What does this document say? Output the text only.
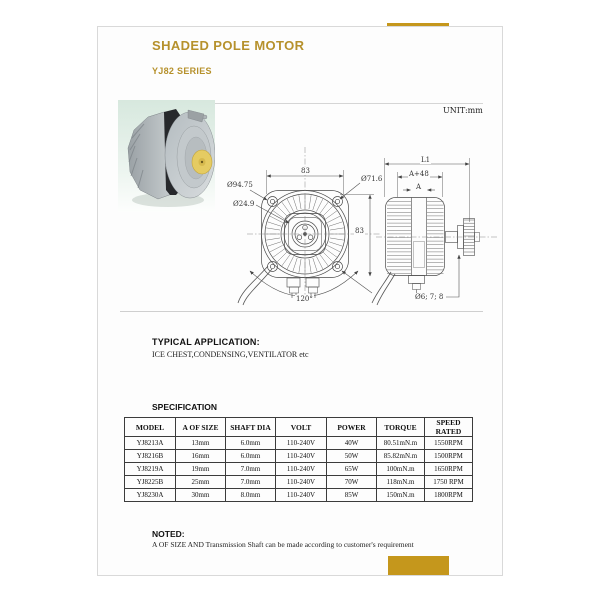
SHADED POLE MOTOR
YJ82 SERIES
UNIT:mm
83
Ø71.6
Ø94.75
Ø24.9
83
120°
L1
A+48
A
Ø6; 7; 8
TYPICAL APPLICATION:
ICE CHEST,CONDENSING,VENTILATOR etc
SPECIFICATION
MODEL	A OF SIZE	SHAFT DIA	VOLT	POWER	TORQUE	SPEED RATED
YJ8213A	13mm	6.0mm	110-240V	40W	80.51mN.m	1550RPM
YJ8216B	16mm	6.0mm	110-240V	50W	85.82mN.m	1500RPM
YJ8219A	19mm	7.0mm	110-240V	65W	100mN.m	1650RPM
YJ8225B	25mm	7.0mm	110-240V	70W	118mN.m	1750 RPM
YJ8230A	30mm	8.0mm	110-240V	85W	150mN.m	1800RPM
NOTED:
A OF SIZE AND Transmission Shaft can be made according to customer's requirement
